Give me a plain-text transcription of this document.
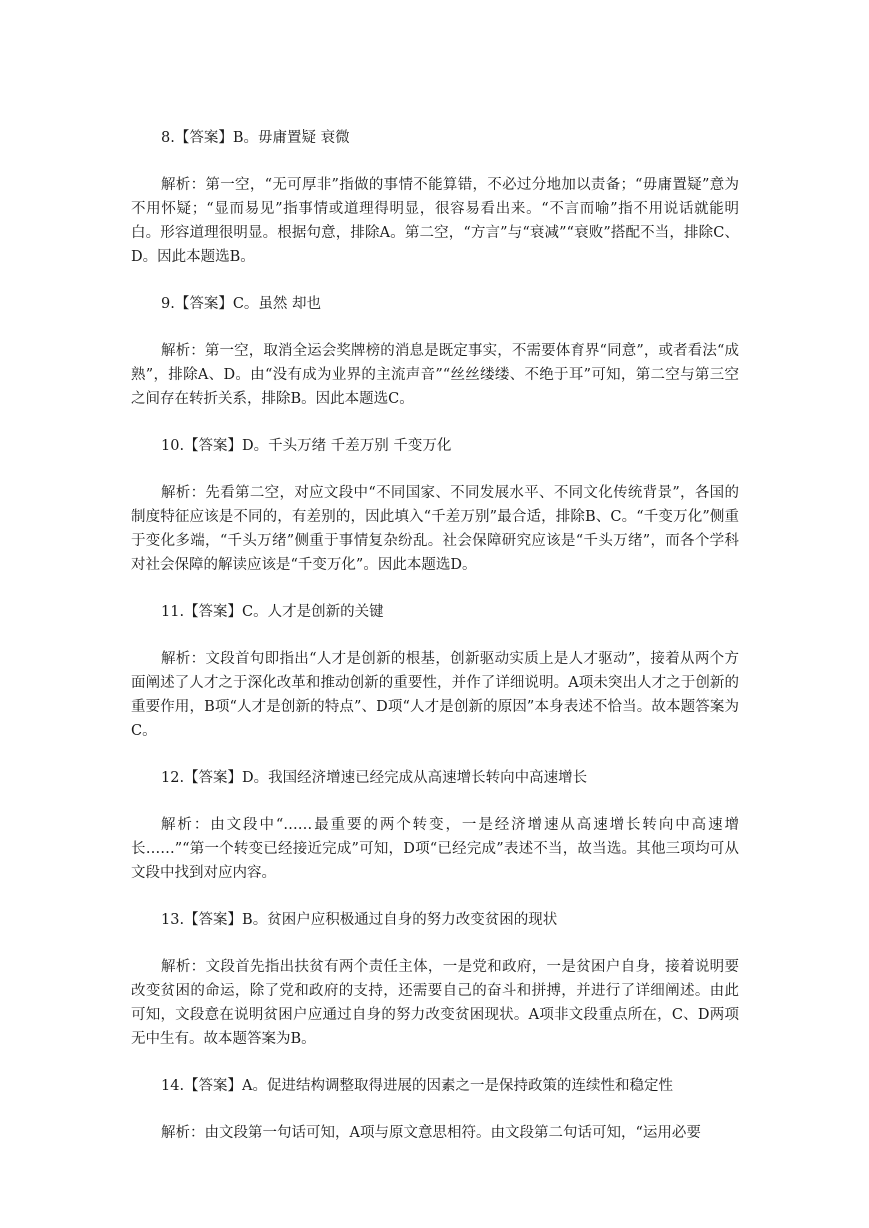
8.【答案】B。毋庸置疑 衰微

解析：第一空，“无可厚非”指做的事情不能算错，不必过分地加以责备；“毋庸置疑”意为不用怀疑；“显而易见”指事情或道理得明显，很容易看出来。“不言而喻”指不用说话就能明白。形容道理很明显。根据句意，排除A。第二空，“方言”与“衰减”“衰败”搭配不当，排除C、D。因此本题选B。

9.【答案】C。虽然 却也

解析：第一空，取消全运会奖牌榜的消息是既定事实，不需要体育界“同意”，或者看法“成熟”，排除A、D。由“没有成为业界的主流声音”“丝丝缕缕、不绝于耳”可知，第二空与第三空之间存在转折关系，排除B。因此本题选C。

10.【答案】D。千头万绪 千差万别 千变万化

解析：先看第二空，对应文段中“不同国家、不同发展水平、不同文化传统背景”，各国的制度特征应该是不同的，有差别的，因此填入“千差万别”最合适，排除B、C。“千变万化”侧重于变化多端，“千头万绪”侧重于事情复杂纷乱。社会保障研究应该是“千头万绪”，而各个学科对社会保障的解读应该是“千变万化”。因此本题选D。

11.【答案】C。人才是创新的关键

解析：文段首句即指出“人才是创新的根基，创新驱动实质上是人才驱动”，接着从两个方面阐述了人才之于深化改革和推动创新的重要性，并作了详细说明。A项未突出人才之于创新的重要作用，B项“人才是创新的特点”、D项“人才是创新的原因”本身表述不恰当。故本题答案为C。

12.【答案】D。我国经济增速已经完成从高速增长转向中高速增长

解析：由文段中“……最重要的两个转变，一是经济增速从高速增长转向中高速增长……”“第一个转变已经接近完成”可知，D项“已经完成”表述不当，故当选。其他三项均可从文段中找到对应内容。

13.【答案】B。贫困户应积极通过自身的努力改变贫困的现状

解析：文段首先指出扶贫有两个责任主体，一是党和政府，一是贫困户自身，接着说明要改变贫困的命运，除了党和政府的支持，还需要自己的奋斗和拼搏，并进行了详细阐述。由此可知，文段意在说明贫困户应通过自身的努力改变贫困现状。A项非文段重点所在，C、D两项无中生有。故本题答案为B。

14.【答案】A。促进结构调整取得进展的因素之一是保持政策的连续性和稳定性

解析：由文段第一句话可知，A项与原文意思相符。由文段第二句话可知，“运用必要
